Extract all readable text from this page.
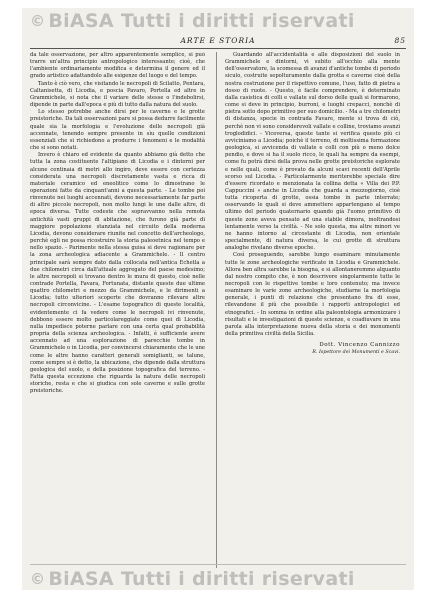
© BiASA Tutti i diritti riservati
ARTE E STORIA	85

da tale osservazione, per altro apparentemente semplice, si può trarre un'altra principio antropologico interessante; cioè, che l'ambiente ordinariamente modifica e determina il genere ed il grado artistico adattandolo alle esigenze del luogo e del tempo.

Tanto è ciò vero, che visitando le necropoli di Scilatto, Pentara, Caltanisetta, di Licodia, e poscia Pavaro, Portella ed altre in Grammichele, si nota che il variare delle stesse o l'indebolirsi, dipende in parte dall'epoca e più di tutto dalla natura del suolo.

Lo stesso potrebbe anche dirsi per le caverne e le grotte preistoriche. Da tali osservazioni pare si possa dedurre facilmente quale sia la morfologia e l'evoluzione delle necropoli già accennate, tenendo sempre presente in sìu quelle condizioni essenziali che si richiedono a produrre i fenomeni e le modalità che si sono notati.

Invero è chiaro ed evidente da quanto abbiamo già detto che tutta la zona costituente l'altipiano di Licodia e i dintorni per alcune centinaia di metri allo ingiro, deve essere con certezza considerata una necropoli discretamente vasta e ricca di materiale ceramico ed eneolitico come lo dimostrano le operazioni fatte da cinquant'anni a questa parte. - Le tombe poi rinvenute nei luoghi accennati, devono necessariamente far parte di altre piccole necropoli, non molto lungi le une dalle altre, di epoca diversa. Tutte codeste che sopravvanno nella remota antichità vasti gruppi di abitazione, che furono già parte di maggiore popolazione stanziata nel circuito della moderna Licodia, devono considerare riunite nel concetto dell'archeologo, perchè egli ne possa ricostruire la storia paleoetnica nel tempo e nello spazio. - Parimente nella stessa guisa si deve ragionare per la zona archeologica adiacente a Grammichele. - Il centro principale sarà sempre dato dalla collocata nell'antica Echetla a due chilometri circa dall'attuale aggregato del paese medesimo; le altre necropoli si trovano dentro le mura di questo, cioè nelle contrade Portella, Favara, Fortunata, distante queste due ultime quattro chilometri e mezzo da Grammichele, e le dirimenti a Licodia; tutto ulteriori scoperte che dovranno rilevare altre necropoli circonvicine. - L'esame topografico di queste località, evidentemente ci fa vedere come le necropoli ivi rinvenute, debbono essere molto particolareggiate come quei di Licodia, nulla impedisce poterne parlare con una certa qual probabilità propria della scienza archeologica. - Infatti, è sufficiente avere accennato ad una esplorazione di parecchie tombe in Grammichele o in Licodia, per convincersi chiaramente che le une come le altre hanno caratteri generali somiglianti, se talune, come sempre si è detto, la ubicazione, che dipende dalla struttura geologica del suolo, e della posizione topografica del terreno. - Fatta questa eccezione che riguarda la natura delle necropoli storiche, resta e che si giudica con sole caverne e sulle grotte preistoriche.

Guardando all'accidentalità e alle disposizioni del suolo in Grammichele e dintorni, vi subito all'occhio alla mente dell'osservatore, la scomessa di avanzi d'antiche tombe di periodo siculo, costruite sepolturamente dalla grotta e caverne cioè della nostra costruzione per il rispettivo comune, l'uso, fatto di pietra a dosso di ruote. - Questo, è facile comprendere, è determinato dalla casistica di colli e vallate sul dorso delle quali si formarono, come si deve in principio, burroni, e luoghi crepacci, nonchè di pietra sotto dopo primitivo per suo domicilio. - Ma a tre chilometri di distanza, specie in contrada Favare, mente si trova di ciò, perchè non vi sono considerevoli vallate e colline, troviamo avanzi troglodidici. - Viceversa, queste tante si verifica questo più ci avviciniamo a Licodia; poichè il terreno, di moltissima formazione geologica, si avvicenda di vallate e colli con più o meno dolce pendio, e dove si ha il suolo ricco, le quali ha sempre da esempi, come fu potrà dirsi della prova nelle grotte preistoriche esplorate e nelle quali, come è provato da alcuni scavi recenti dell'Aprile scorso sul Licodia. - Particolarmente meriterebbe speciale dire d'essere ricordato e menzionata la collina detta « Villa dei P.P. Cappuccini » anche in Licodia che guarda a mezzogiorno, cioè tutta ricoperta di grotte, ossia tombe in parte interrate; osservando le quali si deve ammettere appartengano al tempo ultimo del periodo quaternario quando già l'uomo primitivo di queste zone aveva pensato ad una stabile dimora, inoltrandosi lentamente verso la civiltà. - Ne solo questa, ma altre minori ve ne hanno intorno al circostante di Licodia, non orientale specialmente, di natura diversa, le cui grotte di struttura analoghe rivelano diverse epoche.

Così proseguendo, sarebbe lungo esaminare minutamente tutte le zone archeologiche verificate in Licodia e Grammichele. Allora ben altra sarebbe la bisogna, e si allontaneremmo alquanto dal nostro compito che, è non descrivere singolarmente tutte le necropoli con le rispettive tombe e loro contenuto; ma invece esaminare le varie zone archeologiche, studiarne la morfologia generale, i punti di relazione che presentano fra di esse, rilevandone il più che possibile i rapporti antropologici ed etnografici. - In somma in ordine alla paleontologia armonizzare i risultati e le investigazioni di queste scienze, e coadiuvare in una parola alla interpretazione nuova della storia e dei monumenti della primitiva civiltà della Sicilia.

Dott. Vincenzo Cannizzo
R. Ispettore dei Monumenti e Scavi.
© BiASA Tutti i diritti riservati
